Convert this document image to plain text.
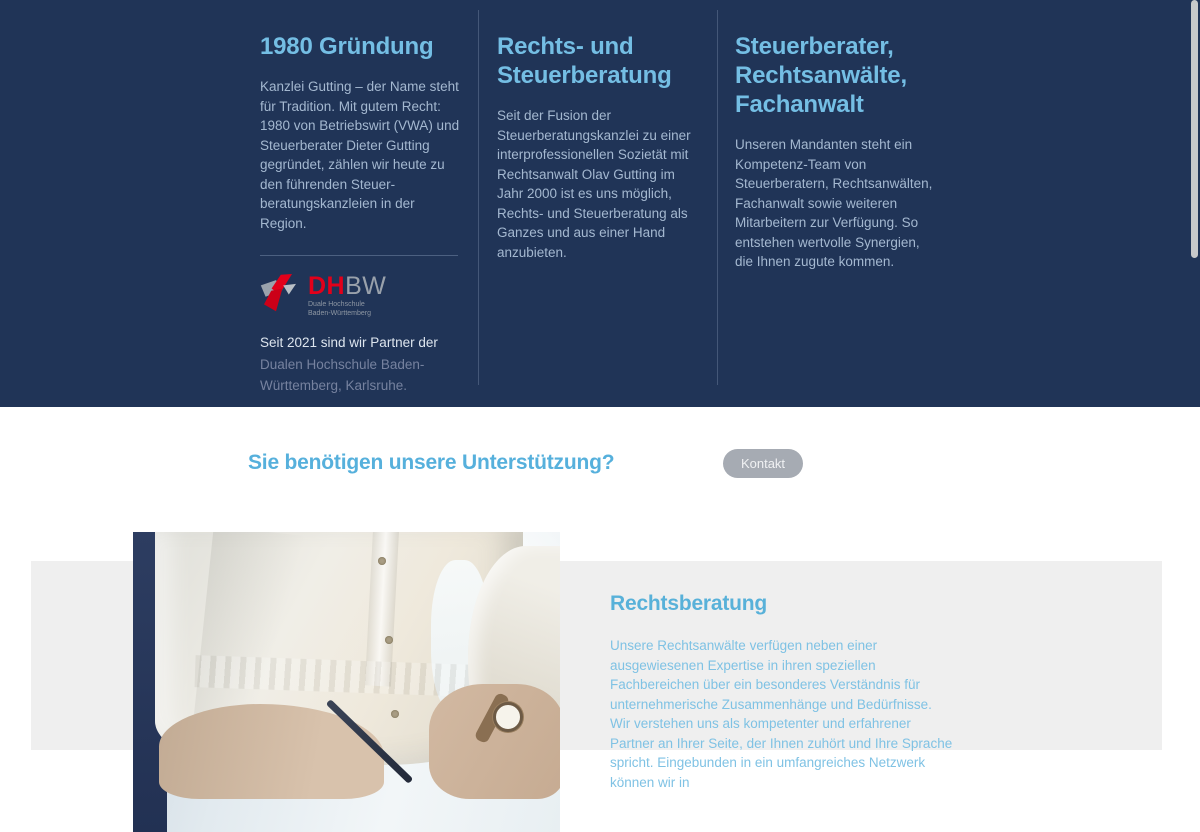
1980 Gründung

Kanzlei Gutting – der Name steht für Tradition. Mit gutem Recht: 1980 von Betriebswirt (VWA) und Steuerberater Dieter Gutting gegründet, zählen wir heute zu den führenden Steuer-beratungskanzleien in der Region.

DHBW
Duale Hochschule
Baden-Württemberg

Seit 2021 sind wir Partner der Dualen Hochschule Baden-Württemberg, Karlsruhe.

Rechts- und Steuerberatung

Seit der Fusion der Steuerberatungskanzlei zu einer interprofessionellen Sozietät mit Rechtsanwalt Olav Gutting im Jahr 2000 ist es uns möglich, Rechts- und Steuerberatung als Ganzes und aus einer Hand anzubieten.

Steuerberater, Rechtsanwälte, Fachanwalt

Unseren Mandanten steht ein Kompetenz-Team von Steuerberatern, Rechtsanwälten, Fachanwalt sowie weiteren Mitarbeitern zur Verfügung. So entstehen wertvolle Synergien, die Ihnen zugute kommen.

Sie benötigen unsere Unterstützung?	Kontakt
Rechtsberatung

Unsere Rechtsanwälte verfügen neben einer ausgewiesenen Expertise in ihren speziellen Fachbereichen über ein besonderes Verständnis für unternehmerische Zusammenhänge und Bedürfnisse. Wir verstehen uns als kompetenter und erfahrener Partner an Ihrer Seite, der Ihnen zuhört und Ihre Sprache spricht. Eingebunden in ein umfangreiches Netzwerk können wir in
